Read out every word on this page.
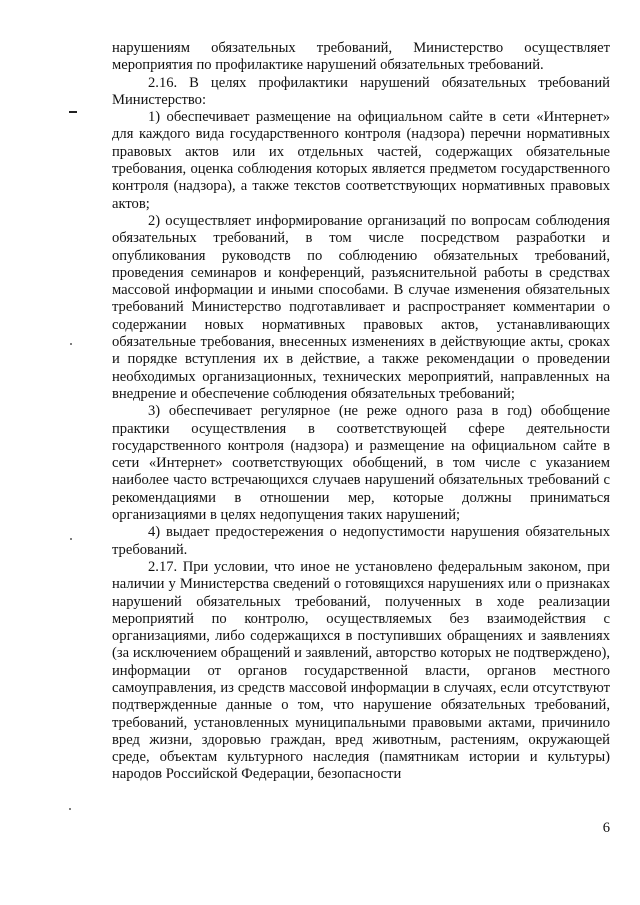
нарушениям обязательных требований, Министерство осуществляет мероприятия по профилактике нарушений обязательных требований.

2.16. В целях профилактики нарушений обязательных требований Министерство:

1) обеспечивает размещение на официальном сайте в сети «Интернет» для каждого вида государственного контроля (надзора) перечни нормативных правовых актов или их отдельных частей, содержащих обязательные требования, оценка соблюдения которых является предметом государственного контроля (надзора), а также текстов соответствующих нормативных правовых актов;

2) осуществляет информирование организаций по вопросам соблюдения обязательных требований, в том числе посредством разработки и опубликования руководств по соблюдению обязательных требований, проведения семинаров и конференций, разъяснительной работы в средствах массовой информации и иными способами. В случае изменения обязательных требований Министерство подготавливает и распространяет комментарии о содержании новых нормативных правовых актов, устанавливающих обязательные требования, внесенных изменениях в действующие акты, сроках и порядке вступления их в действие, а также рекомендации о проведении необходимых организационных, технических мероприятий, направленных на внедрение и обеспечение соблюдения обязательных требований;

3) обеспечивает регулярное (не реже одного раза в год) обобщение практики осуществления в соответствующей сфере деятельности государственного контроля (надзора) и размещение на официальном сайте в сети «Интернет» соответствующих обобщений, в том числе с указанием наиболее часто встречающихся случаев нарушений обязательных требований с рекомендациями в отношении мер, которые должны приниматься организациями в целях недопущения таких нарушений;

4) выдает предостережения о недопустимости нарушения обязательных требований.

2.17. При условии, что иное не установлено федеральным законом, при наличии у Министерства сведений о готовящихся нарушениях или о признаках нарушений обязательных требований, полученных в ходе реализации мероприятий по контролю, осуществляемых без взаимодействия с организациями, либо содержащихся в поступивших обращениях и заявлениях (за исключением обращений и заявлений, авторство которых не подтверждено), информации от органов государственной власти, органов местного самоуправления, из средств массовой информации в случаях, если отсутствуют подтвержденные данные о том, что нарушение обязательных требований, требований, установленных муниципальными правовыми актами, причинило вред жизни, здоровью граждан, вред животным, растениям, окружающей среде, объектам культурного наследия (памятникам истории и культуры) народов Российской Федерации, безопасности

6
